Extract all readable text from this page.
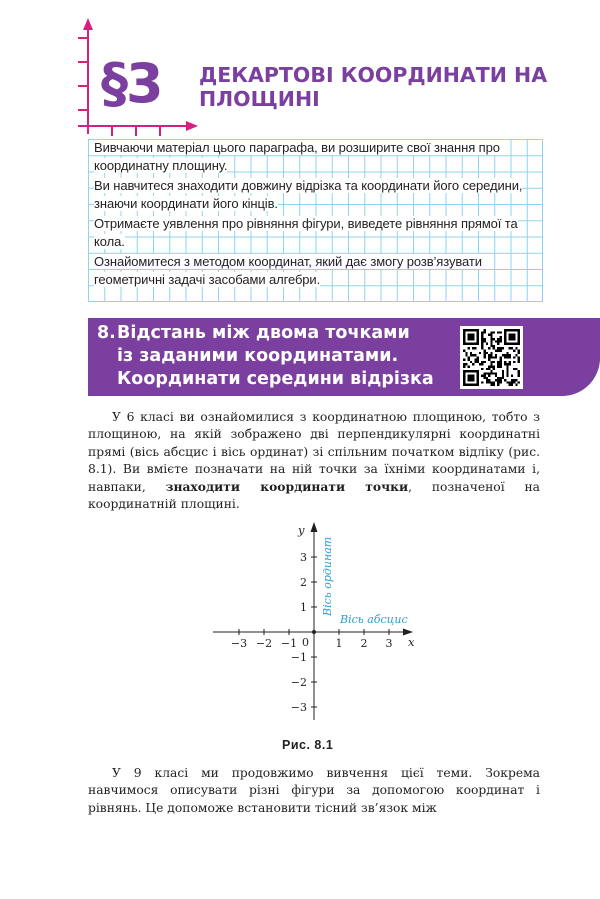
§3 ДЕКАРТОВІ КООРДИНАТИ НА ПЛОЩИНІ

Вивчаючи матеріал цього параграфа, ви розширите свої знання про координатну площину.

Ви навчитеся знаходити довжину відрізка та координати його середини, знаючи координати його кінців.

Отримаєте уявлення про рівняння фігури, виведете рівняння прямої та кола.

Ознайомитеся з методом координат, який дає змогу розв’язувати геометричні задачі засобами алгебри.

8. Відстань між двома точками
із заданими координатами.
Координати середини відрізка
У 6 класі ви ознайомилися з координатною площиною, тобто з площиною, на якій зображено дві перпендикулярні координатні прямі (вісь абсцис і вісь ординат) зі спільним початком відліку (рис. 8.1). Ви вмієте позначати на ній точки за їхніми координатами і, навпаки, знаходити координати точки, позначеної на координатній площині.
−3 −2 −1	1 2 3
3
2
1
−1
−2
−3
x
y
0
Вісь абсцис
Вісь ординат
Рис. 8.1
У 9 класі ми продовжимо вивчення цієї теми. Зокрема навчимося описувати різні фігури за допомогою координат і рівнянь. Це допоможе встановити тісний зв’язок між
